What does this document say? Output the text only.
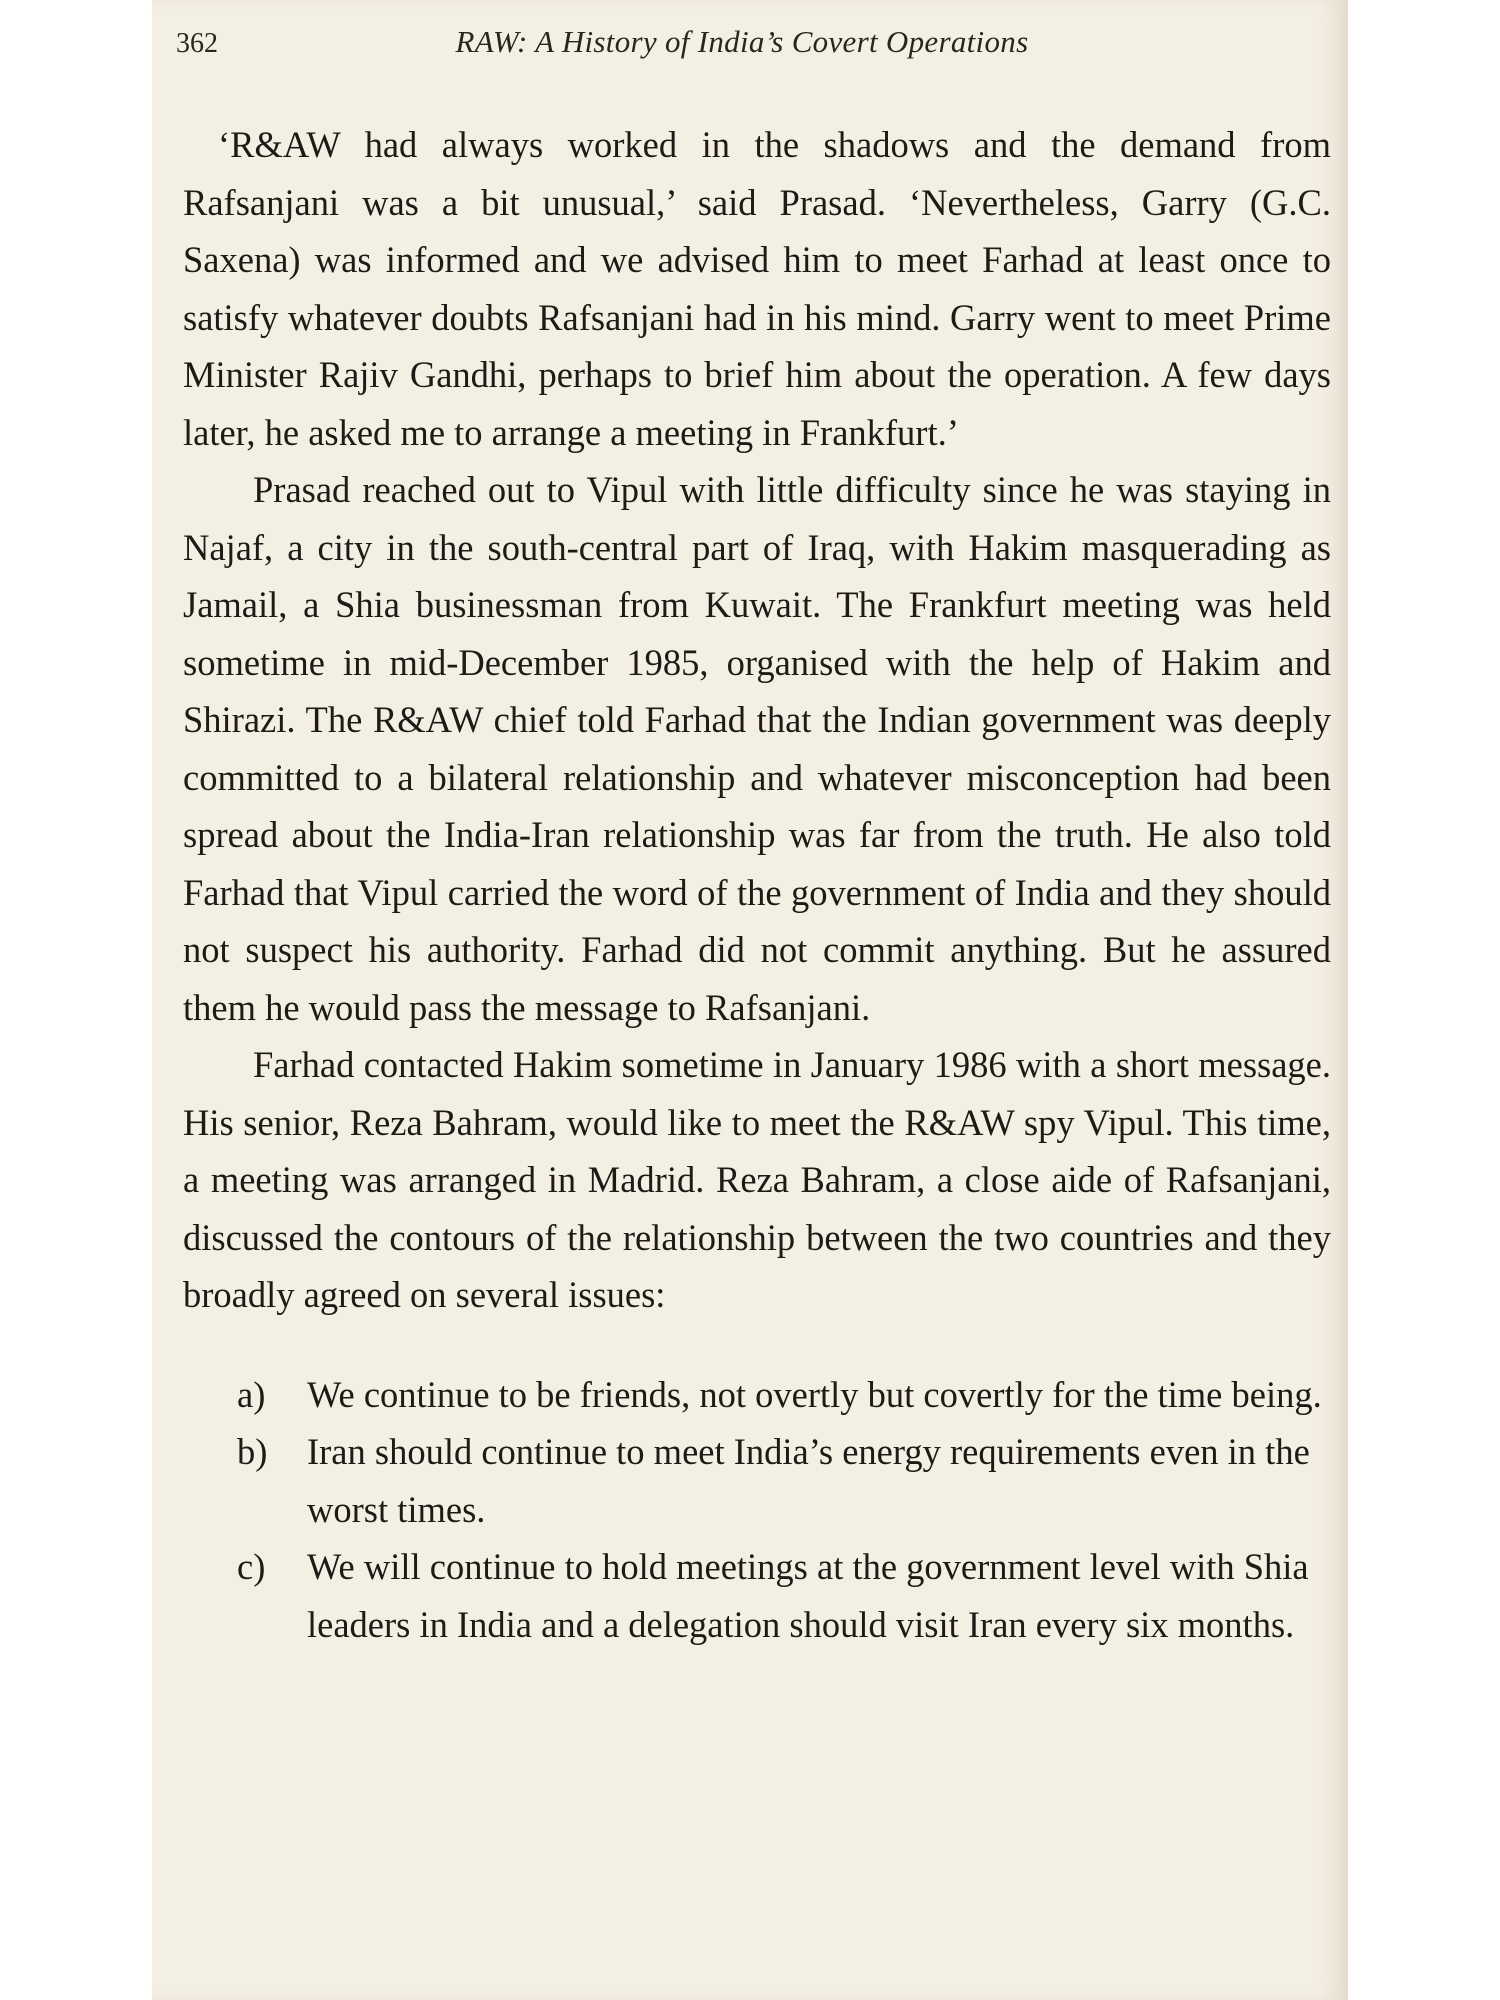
362	RAW: A History of India’s Covert Operations

‘R&AW had always worked in the shadows and the demand from Rafsanjani was a bit unusual,’ said Prasad. ‘Nevertheless, Garry (G.C. Saxena) was informed and we advised him to meet Farhad at least once to satisfy whatever doubts Rafsanjani had in his mind. Garry went to meet Prime Minister Rajiv Gandhi, perhaps to brief him about the operation. A few days later, he asked me to arrange a meeting in Frankfurt.’

Prasad reached out to Vipul with little difficulty since he was staying in Najaf, a city in the south-central part of Iraq, with Hakim masquerading as Jamail, a Shia businessman from Kuwait. The Frankfurt meeting was held sometime in mid-December 1985, organised with the help of Hakim and Shirazi. The R&AW chief told Farhad that the Indian government was deeply committed to a bilateral relationship and whatever misconception had been spread about the India-Iran relationship was far from the truth. He also told Farhad that Vipul carried the word of the government of India and they should not suspect his authority. Farhad did not commit anything. But he assured them he would pass the message to Rafsanjani.

Farhad contacted Hakim sometime in January 1986 with a short message. His senior, Reza Bahram, would like to meet the R&AW spy Vipul. This time, a meeting was arranged in Madrid. Reza Bahram, a close aide of Rafsanjani, discussed the contours of the relationship between the two countries and they broadly agreed on several issues:

a) We continue to be friends, not overtly but covertly for the time being.
b) Iran should continue to meet India’s energy requirements even in the worst times.
c) We will continue to hold meetings at the government level with Shia leaders in India and a delegation should visit Iran every six months.
